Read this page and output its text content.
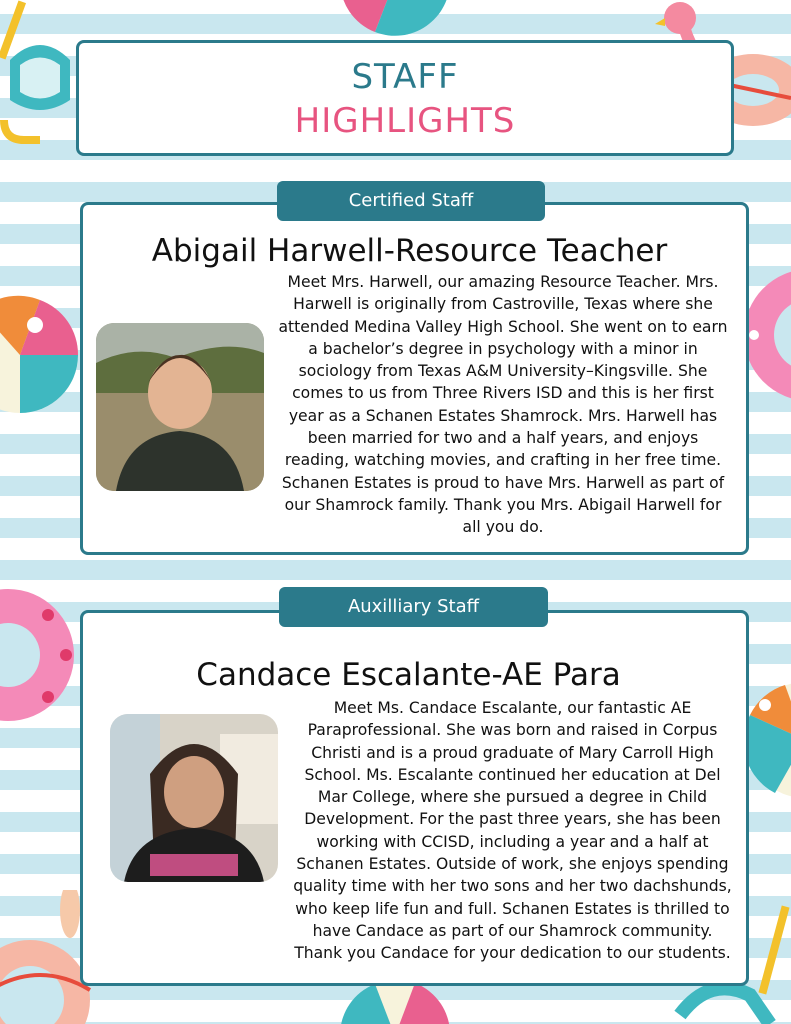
STAFF
HIGHLIGHTS
Certified Staff
Abigail Harwell-Resource Teacher
Meet Mrs. Harwell, our amazing Resource Teacher. Mrs. Harwell is originally from Castroville, Texas where she attended Medina Valley High School. She went on to earn a bachelor’s degree in psychology with a minor in sociology from Texas A&M University–Kingsville. She comes to us from Three Rivers ISD and this is her first year as a Schanen Estates Shamrock. Mrs. Harwell has been married for two and a half years, and enjoys reading, watching movies, and crafting in her free time. Schanen Estates is proud to have Mrs. Harwell as part of our Shamrock family. Thank you Mrs. Abigail Harwell for all you do.
Auxilliary Staff
Candace Escalante-AE Para
Meet Ms. Candace Escalante, our fantastic AE Paraprofessional. She was born and raised in Corpus Christi and is a proud graduate of Mary Carroll High School. Ms. Escalante continued her education at Del Mar College, where she pursued a degree in Child Development. For the past three years, she has been working with CCISD, including a year and a half at Schanen Estates. Outside of work, she enjoys spending quality time with her two sons and her two dachshunds, who keep life fun and full. Schanen Estates is thrilled to have Candace as part of our Shamrock community. Thank you Candace for your dedication to our students.
